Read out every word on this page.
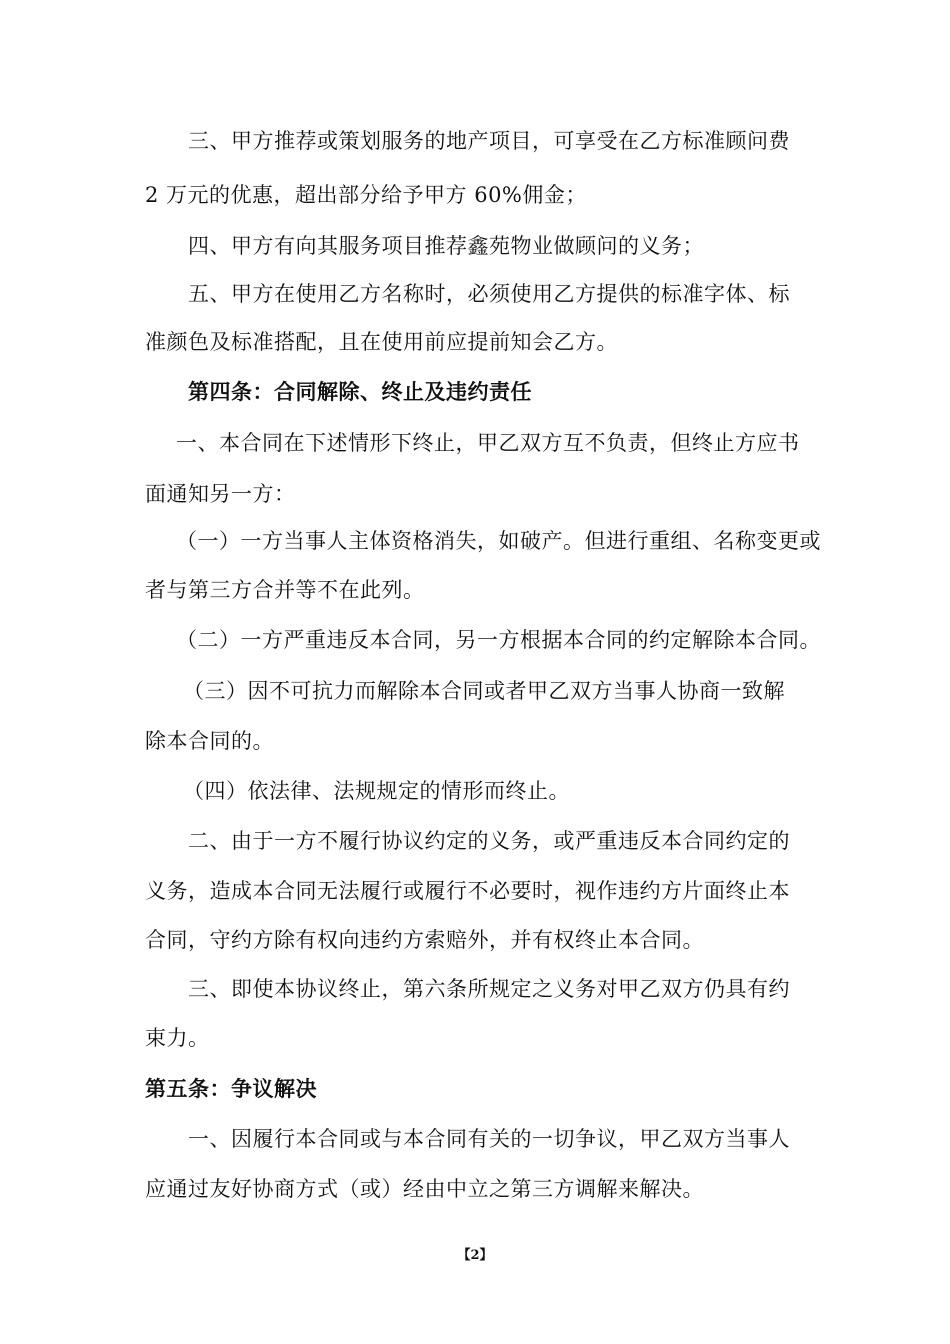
三、甲方推荐或策划服务的地产项目，可享受在乙方标准顾问费
2 万元的优惠，超出部分给予甲方 60%佣金；
四、甲方有向其服务项目推荐鑫苑物业做顾问的义务；
五、甲方在使用乙方名称时，必须使用乙方提供的标准字体、标
准颜色及标准搭配，且在使用前应提前知会乙方。
第四条：合同解除、终止及违约责任
一、本合同在下述情形下终止，甲乙双方互不负责，但终止方应书
面通知另一方：
（一）一方当事人主体资格消失，如破产。但进行重组、名称变更或
者与第三方合并等不在此列。
（二）一方严重违反本合同，另一方根据本合同的约定解除本合同。
（三）因不可抗力而解除本合同或者甲乙双方当事人协商一致解
除本合同的。
（四）依法律、法规规定的情形而终止。
二、由于一方不履行协议约定的义务，或严重违反本合同约定的
义务，造成本合同无法履行或履行不必要时，视作违约方片面终止本
合同，守约方除有权向违约方索赔外，并有权终止本合同。
三、即使本协议终止，第六条所规定之义务对甲乙双方仍具有约
束力。
第五条：争议解决
一、因履行本合同或与本合同有关的一切争议，甲乙双方当事人
应通过友好协商方式（或）经由中立之第三方调解来解决。
【2】
